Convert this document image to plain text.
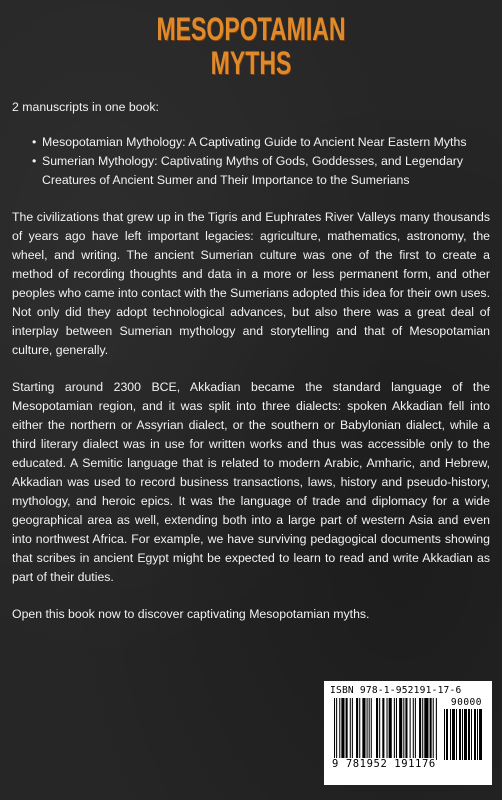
MESOPOTAMIAN
MYTHS

2 manuscripts in one book:

• Mesopotamian Mythology: A Captivating Guide to Ancient Near Eastern Myths
• Sumerian Mythology: Captivating Myths of Gods, Goddesses, and Legendary Creatures of Ancient Sumer and Their Importance to the Sumerians

The civilizations that grew up in the Tigris and Euphrates River Valleys many thousands of years ago have left important legacies: agriculture, mathematics, astronomy, the wheel, and writing. The ancient Sumerian culture was one of the first to create a method of recording thoughts and data in a more or less permanent form, and other peoples who came into contact with the Sumerians adopted this idea for their own uses. Not only did they adopt technological advances, but also there was a great deal of interplay between Sumerian mythology and storytelling and that of Mesopotamian culture, generally.

Starting around 2300 BCE, Akkadian became the standard language of the Mesopotamian region, and it was split into three dialects: spoken Akkadian fell into either the northern or Assyrian dialect, or the southern or Babylonian dialect, while a third literary dialect was in use for written works and thus was accessible only to the educated. A Semitic language that is related to modern Arabic, Amharic, and Hebrew, Akkadian was used to record business transactions, laws, history and pseudo-history, mythology, and heroic epics. It was the language of trade and diplomacy for a wide geographical area as well, extending both into a large part of western Asia and even into northwest Africa. For example, we have surviving pedagogical documents showing that scribes in ancient Egypt might be expected to learn to read and write Akkadian as part of their duties.

Open this book now to discover captivating Mesopotamian myths.

ISBN 978-1-952191-17-6
90000
9 781952 191176
